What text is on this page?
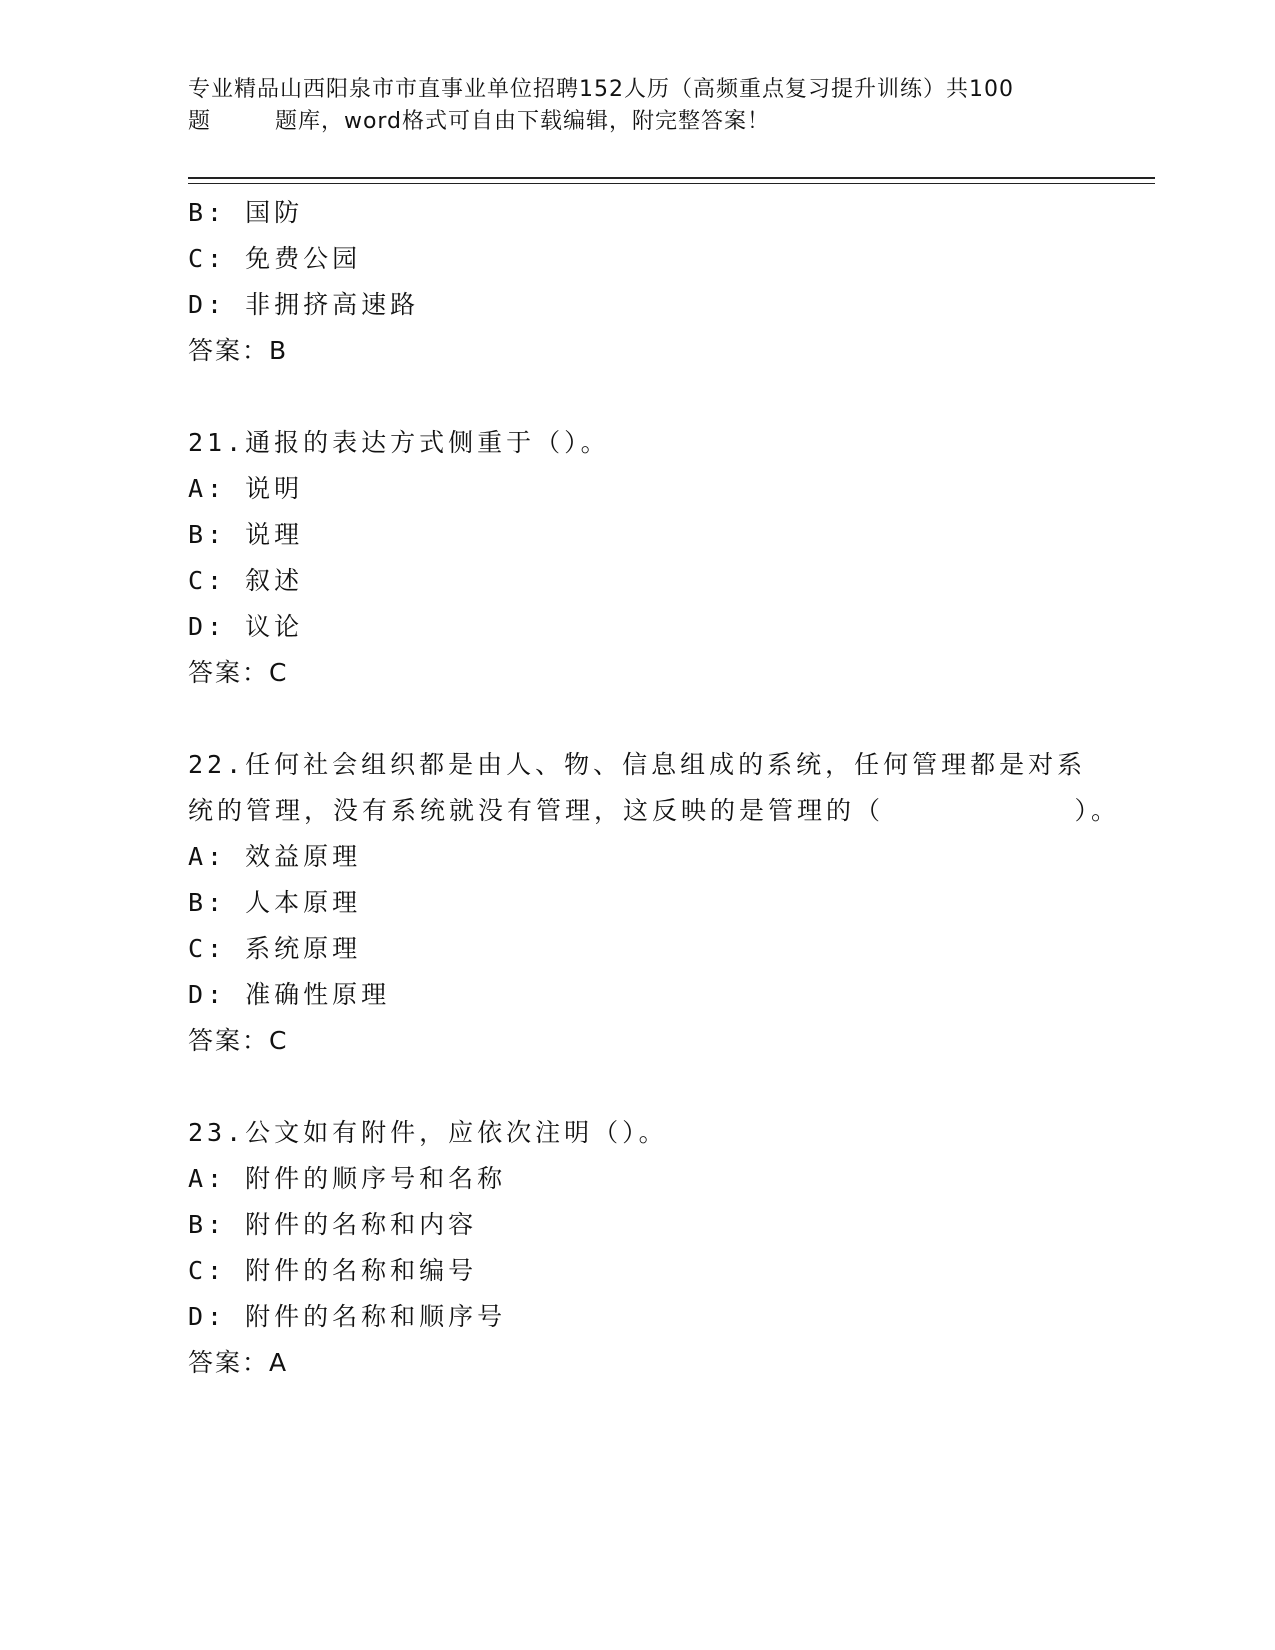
专业精品山西阳泉市市直事业单位招聘152人历（高频重点复习提升训练）共100
题        题库，word格式可自由下载编辑，附完整答案！
B: 国防
C: 免费公园
D: 非拥挤高速路
答案：B
21.通报的表达方式侧重于（）。
A: 说明
B: 说理
C: 叙述
D: 议论
答案：C
22.任何社会组织都是由人、物、信息组成的系统，任何管理都是对系
统的管理，没有系统就没有管理，这反映的是管理的（          ）。
A: 效益原理
B: 人本原理
C: 系统原理
D: 准确性原理
答案：C
23.公文如有附件，应依次注明（）。
A: 附件的顺序号和名称
B: 附件的名称和内容
C: 附件的名称和编号
D: 附件的名称和顺序号
答案：A
